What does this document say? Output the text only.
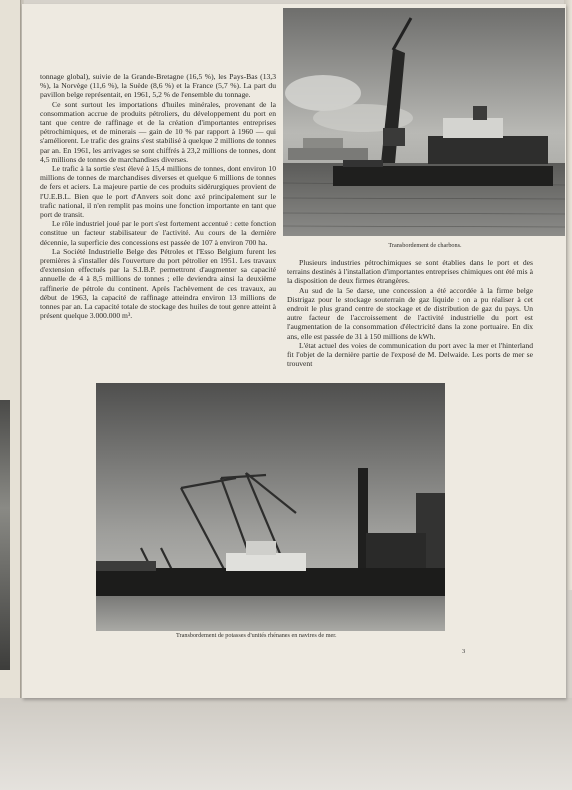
tonnage global), suivie de la Grande-Bretagne (16,5 %), les Pays-Bas (13,3 %), la Norvège (11,6 %), la Suède (8,6 %) et la France (5,7 %). La part du pavillon belge représentait, en 1961, 5,2 % de l'ensemble du tonnage.

Ce sont surtout les importations d'huiles minérales, provenant de la consommation accrue de produits pétroliers, du développement du port en tant que centre de raffinage et de la création d'importantes entreprises pétrochimiques, et de minerais — gain de 10 % par rapport à 1960 — qui s'améliorent. Le trafic des grains s'est stabilisé à quelque 2 millions de tonnes par an. En 1961, les arrivages se sont chiffrés à 23,2 millions de tonnes, dont 4,5 millions de tonnes de marchandises diverses.

Le trafic à la sortie s'est élevé à 15,4 millions de tonnes, dont environ 10 millions de tonnes de marchandises diverses et quelque 6 millions de tonnes de fers et aciers. La majeure partie de ces produits sidérurgiques provient de l'U.E.B.L. Bien que le port d'Anvers soit donc axé principalement sur le trafic national, il n'en remplit pas moins une fonction importante en tant que port de transit.

Le rôle industriel joué par le port s'est fortement accentué : cette fonction constitue un facteur stabilisateur de l'activité. Au cours de la dernière décennie, la superficie des concessions est passée de 107 à environ 700 ha.

La Société Industrielle Belge des Pétroles et l'Esso Belgium furent les premières à s'installer dès l'ouverture du port pétrolier en 1951. Les travaux d'extension effectués par la S.I.B.P. permettront d'augmenter sa capacité annuelle de 4 à 8,5 millions de tonnes ; elle deviendra ainsi la deuxième raffinerie de pétrole du continent. Après l'achèvement de ces travaux, au début de 1963, la capacité de raffinage atteindra environ 13 millions de tonnes par an. La capacité totale de stockage des huiles de tout genre atteint à présent quelque 3.000.000 m³.

Transbordement de charbons.

Plusieurs industries pétrochimiques se sont établies dans le port et des terrains destinés à l'installation d'importantes entreprises chimiques ont été mis à la disposition de deux firmes étrangères.

Au sud de la 5e darse, une concession a été accordée à la firme belge Distrigaz pour le stockage souterrain de gaz liquide : on a pu réaliser à cet endroit le plus grand centre de stockage et de distribution de gaz du pays. Un autre facteur de l'accroissement de l'activité industrielle du port est l'augmentation de la consommation d'électricité dans la zone portuaire. En dix ans, elle est passée de 31 à 150 millions de kWh.

L'état actuel des voies de communication du port avec la mer et l'hinterland fit l'objet de la dernière partie de l'exposé de M. Delwaide. Les ports de mer se trouvent

Transbordement de potasses d'unités rhénanes en navires de mer.
3
